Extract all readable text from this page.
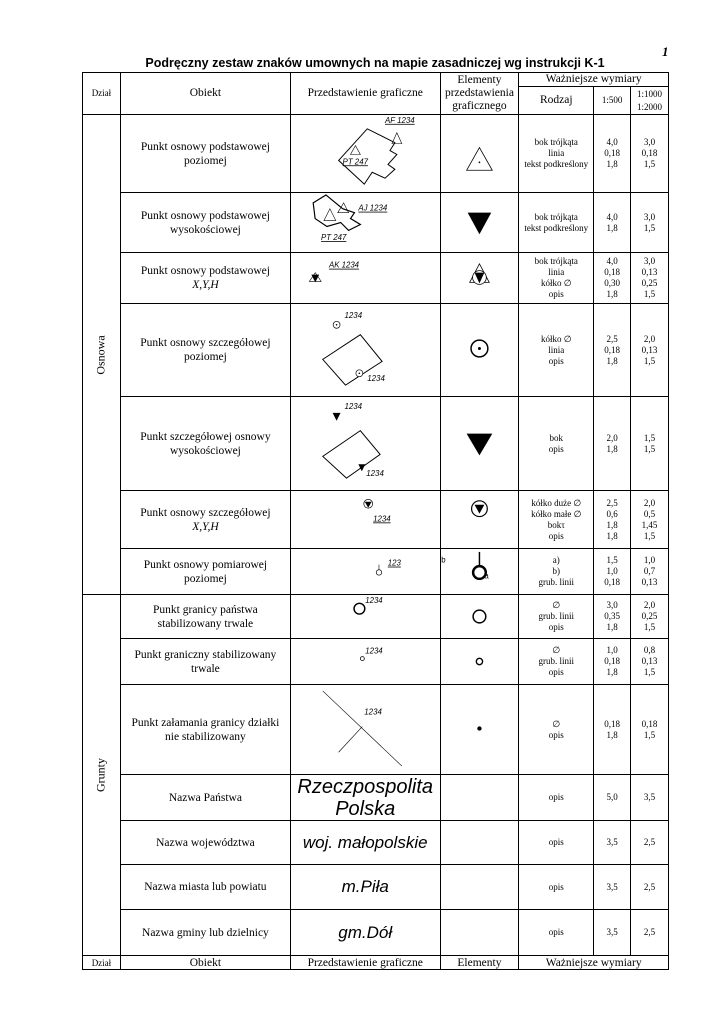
1
Podręczny zestaw znaków umownych na mapie zasadniczej wg instrukcji K-1
Dział	Obiekt	Przedstawienie graficzne	Elementy przedstawienia graficznego	Ważniejsze wymiary		
				Rodzaj	1:500	1:1000
1:2000

Osnowa	Punkt osnowy podstawowej poziomej	AF 1234
PT 247		bok trójkąta
linia
tekst podkreślony	4,0
0,18
1,8	3,0
0,18
1,5

	Punkt osnowy podstawowej wysokościowej	AJ 1234
PT 247		bok trójkąta
tekst podkreślony	4,0
1,8	3,0
1,5

	Punkt osnowy podstawowej
X,Y,H	AK 1234		bok trójkąta
linia
kółko ∅
opis	4,0
0,18
0,30
1,8	3,0
0,13
0,25
1,5

	Punkt osnowy szczegółowej poziomej	1234
1234		kółko ∅
linia
opis	2,5
0,18
1,8	2,0
0,13
1,5

	Punkt szczegółowej osnowy wysokościowej	1234
1234		bok
opis	2,0
1,8	1,5
1,5

	Punkt osnowy szczegółowej
X,Y,H	1234		kółko duże ∅
kółko małe ∅
bokτ
opis	2,5
0,6
1,8
1,8	2,0
0,5
1,45
1,5

	Punkt osnowy pomiarowej poziomej	123	b
a	a)
b)
grub. linii	1,5
1,0
0,18	1,0
0,7
0,13

Grunty	Punkt granicy państwa stabilizowany trwale	1234		∅
grub. linii
opis	3,0
0,35
1,8	2,0
0,25
1,5

	Punkt graniczny stabilizowany trwale	1234		∅
grub. linii
opis	1,0
0,18
1,8	0,8
0,13
1,5

	Punkt załamania granicy działki nie stabilizowany	1234		∅
opis	0,18
1,8	0,18
1,5

	Nazwa Państwa	Rzeczpospolita Polska		opis	5,0	3,5

	Nazwa województwa	woj. małopolskie		opis	3,5	2,5

	Nazwa miasta lub powiatu	m.Piła		opis	3,5	2,5

	Nazwa gminy lub dzielnicy	gm.Dół		opis	3,5	2,5

Dział	Obiekt	Przedstawienie graficzne	Elementy	Ważniejsze wymiary		
